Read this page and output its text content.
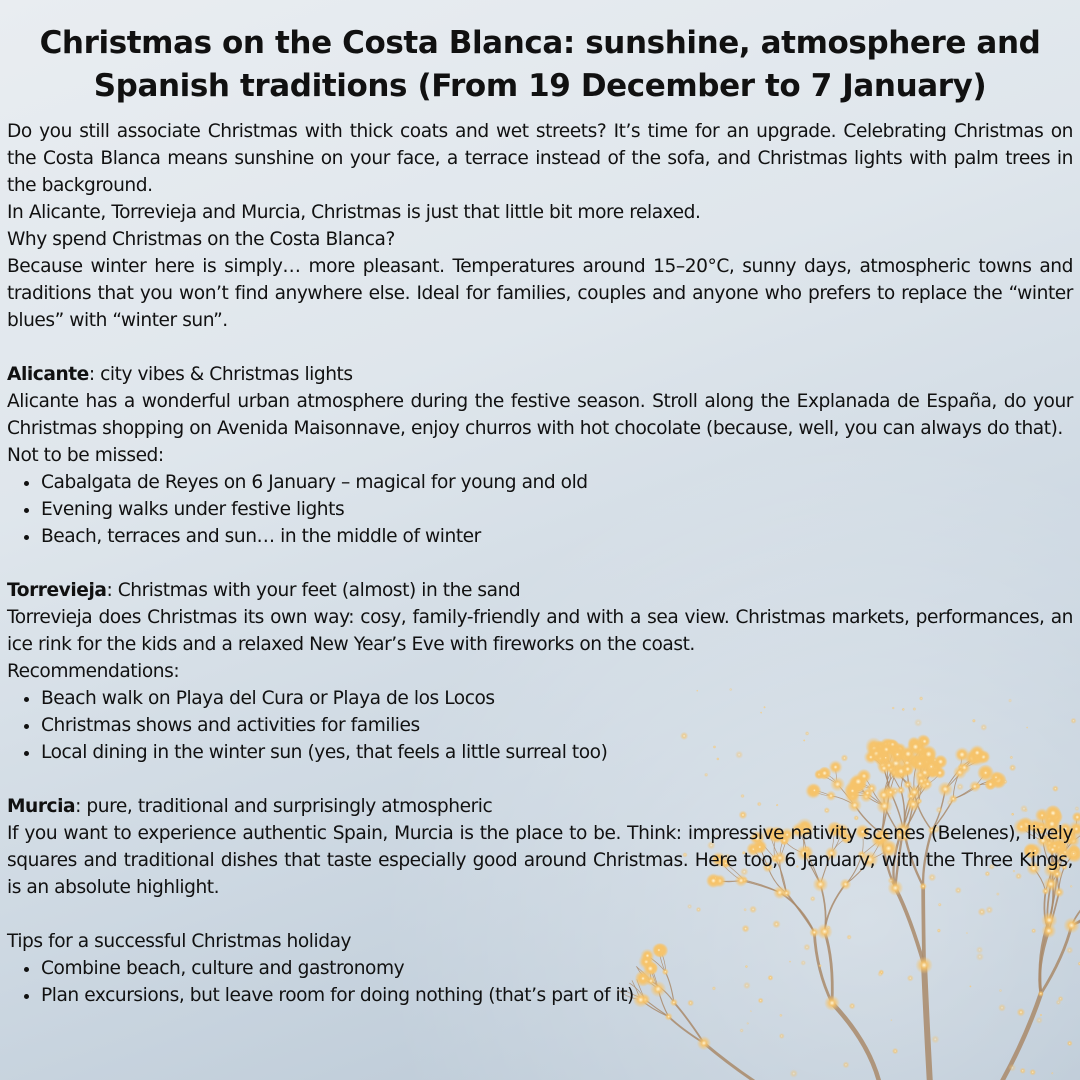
Christmas on the Costa Blanca: sunshine, atmosphere and Spanish traditions (From 19 December to 7 January)

Do you still associate Christmas with thick coats and wet streets? It’s time for an upgrade. Celebrating Christmas on the Costa Blanca means sunshine on your face, a terrace instead of the sofa, and Christmas lights with palm trees in the background.

In Alicante, Torrevieja and Murcia, Christmas is just that little bit more relaxed.

Why spend Christmas on the Costa Blanca?

Because winter here is simply… more pleasant. Temperatures around 15–20°C, sunny days, atmospheric towns and traditions that you won’t find anywhere else. Ideal for families, couples and anyone who prefers to replace the “winter blues” with “winter sun”.

Alicante: city vibes & Christmas lights

Alicante has a wonderful urban atmosphere during the festive season. Stroll along the Explanada de España, do your Christmas shopping on Avenida Maisonnave, enjoy churros with hot chocolate (because, well, you can always do that).

Not to be missed:

• Cabalgata de Reyes on 6 January – magical for young and old
• Evening walks under festive lights
• Beach, terraces and sun… in the middle of winter

Torrevieja: Christmas with your feet (almost) in the sand

Torrevieja does Christmas its own way: cosy, family-friendly and with a sea view. Christmas markets, performances, an ice rink for the kids and a relaxed New Year’s Eve with fireworks on the coast.

Recommendations:

• Beach walk on Playa del Cura or Playa de los Locos
• Christmas shows and activities for families
• Local dining in the winter sun (yes, that feels a little surreal too)

Murcia: pure, traditional and surprisingly atmospheric

If you want to experience authentic Spain, Murcia is the place to be. Think: impressive nativity scenes (Belenes), lively squares and traditional dishes that taste especially good around Christmas. Here too, 6 January, with the Three Kings, is an absolute highlight.

Tips for a successful Christmas holiday

• Combine beach, culture and gastronomy
• Plan excursions, but leave room for doing nothing (that’s part of it)
